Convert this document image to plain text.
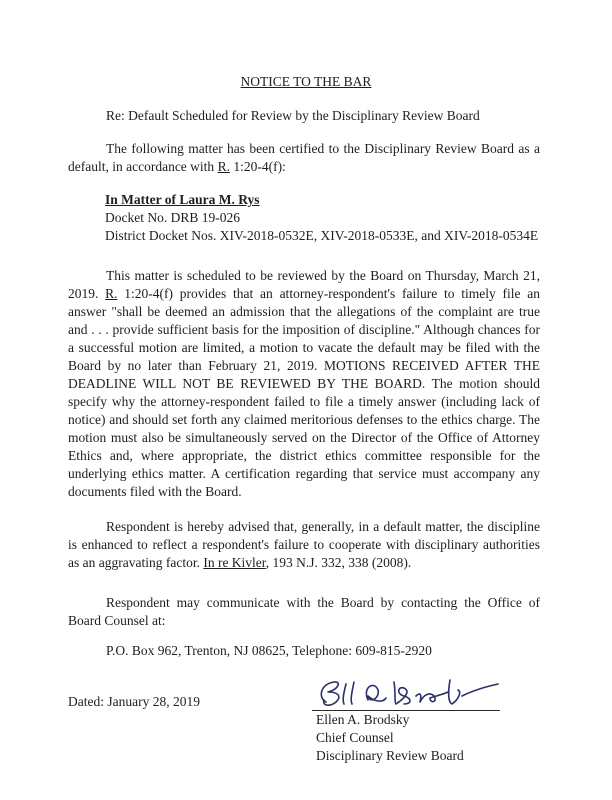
NOTICE TO THE BAR
Re: Default Scheduled for Review by the Disciplinary Review Board
The following matter has been certified to the Disciplinary Review Board as a default, in accordance with R. 1:20-4(f):
In Matter of Laura M. Rys
Docket No. DRB 19-026
District Docket Nos. XIV-2018-0532E, XIV-2018-0533E, and XIV-2018-0534E
This matter is scheduled to be reviewed by the Board on Thursday, March 21, 2019. R. 1:20-4(f) provides that an attorney-respondent's failure to timely file an answer "shall be deemed an admission that the allegations of the complaint are true and . . . provide sufficient basis for the imposition of discipline." Although chances for a successful motion are limited, a motion to vacate the default may be filed with the Board by no later than February 21, 2019. MOTIONS RECEIVED AFTER THE DEADLINE WILL NOT BE REVIEWED BY THE BOARD. The motion should specify why the attorney-respondent failed to file a timely answer (including lack of notice) and should set forth any claimed meritorious defenses to the ethics charge. The motion must also be simultaneously served on the Director of the Office of Attorney Ethics and, where appropriate, the district ethics committee responsible for the underlying ethics matter. A certification regarding that service must accompany any documents filed with the Board.
Respondent is hereby advised that, generally, in a default matter, the discipline is enhanced to reflect a respondent's failure to cooperate with disciplinary authorities as an aggravating factor. In re Kivler, 193 N.J. 332, 338 (2008).
Respondent may communicate with the Board by contacting the Office of Board Counsel at:
P.O. Box 962, Trenton, NJ 08625, Telephone: 609-815-2920
Dated: January 28, 2019
Ellen A. Brodsky
Chief Counsel
Disciplinary Review Board
